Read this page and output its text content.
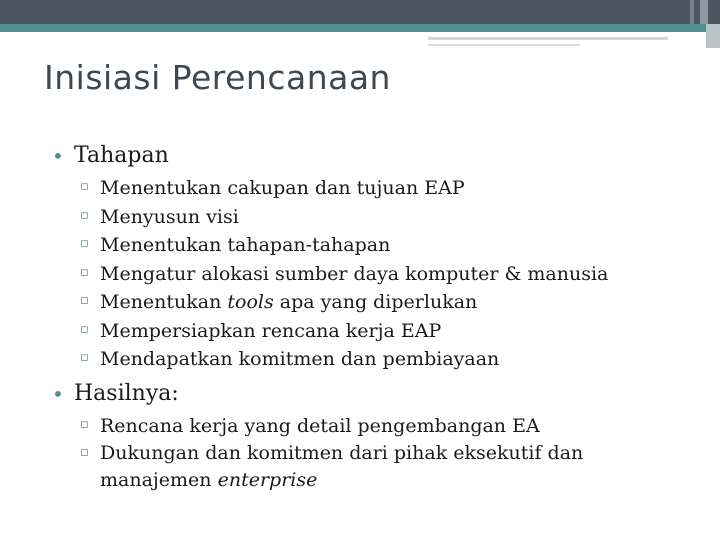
Inisiasi Perencanaan
• Tahapan
▫ Menentukan cakupan dan tujuan EAP
▫ Menyusun visi
▫ Menentukan tahapan-tahapan
▫ Mengatur alokasi sumber daya komputer & manusia
▫ Menentukan tools apa yang diperlukan
▫ Mempersiapkan rencana kerja EAP
▫ Mendapatkan komitmen dan pembiayaan
• Hasilnya:
▫ Rencana kerja yang detail pengembangan EA
▫ Dukungan dan komitmen dari pihak eksekutif dan manajemen enterprise
